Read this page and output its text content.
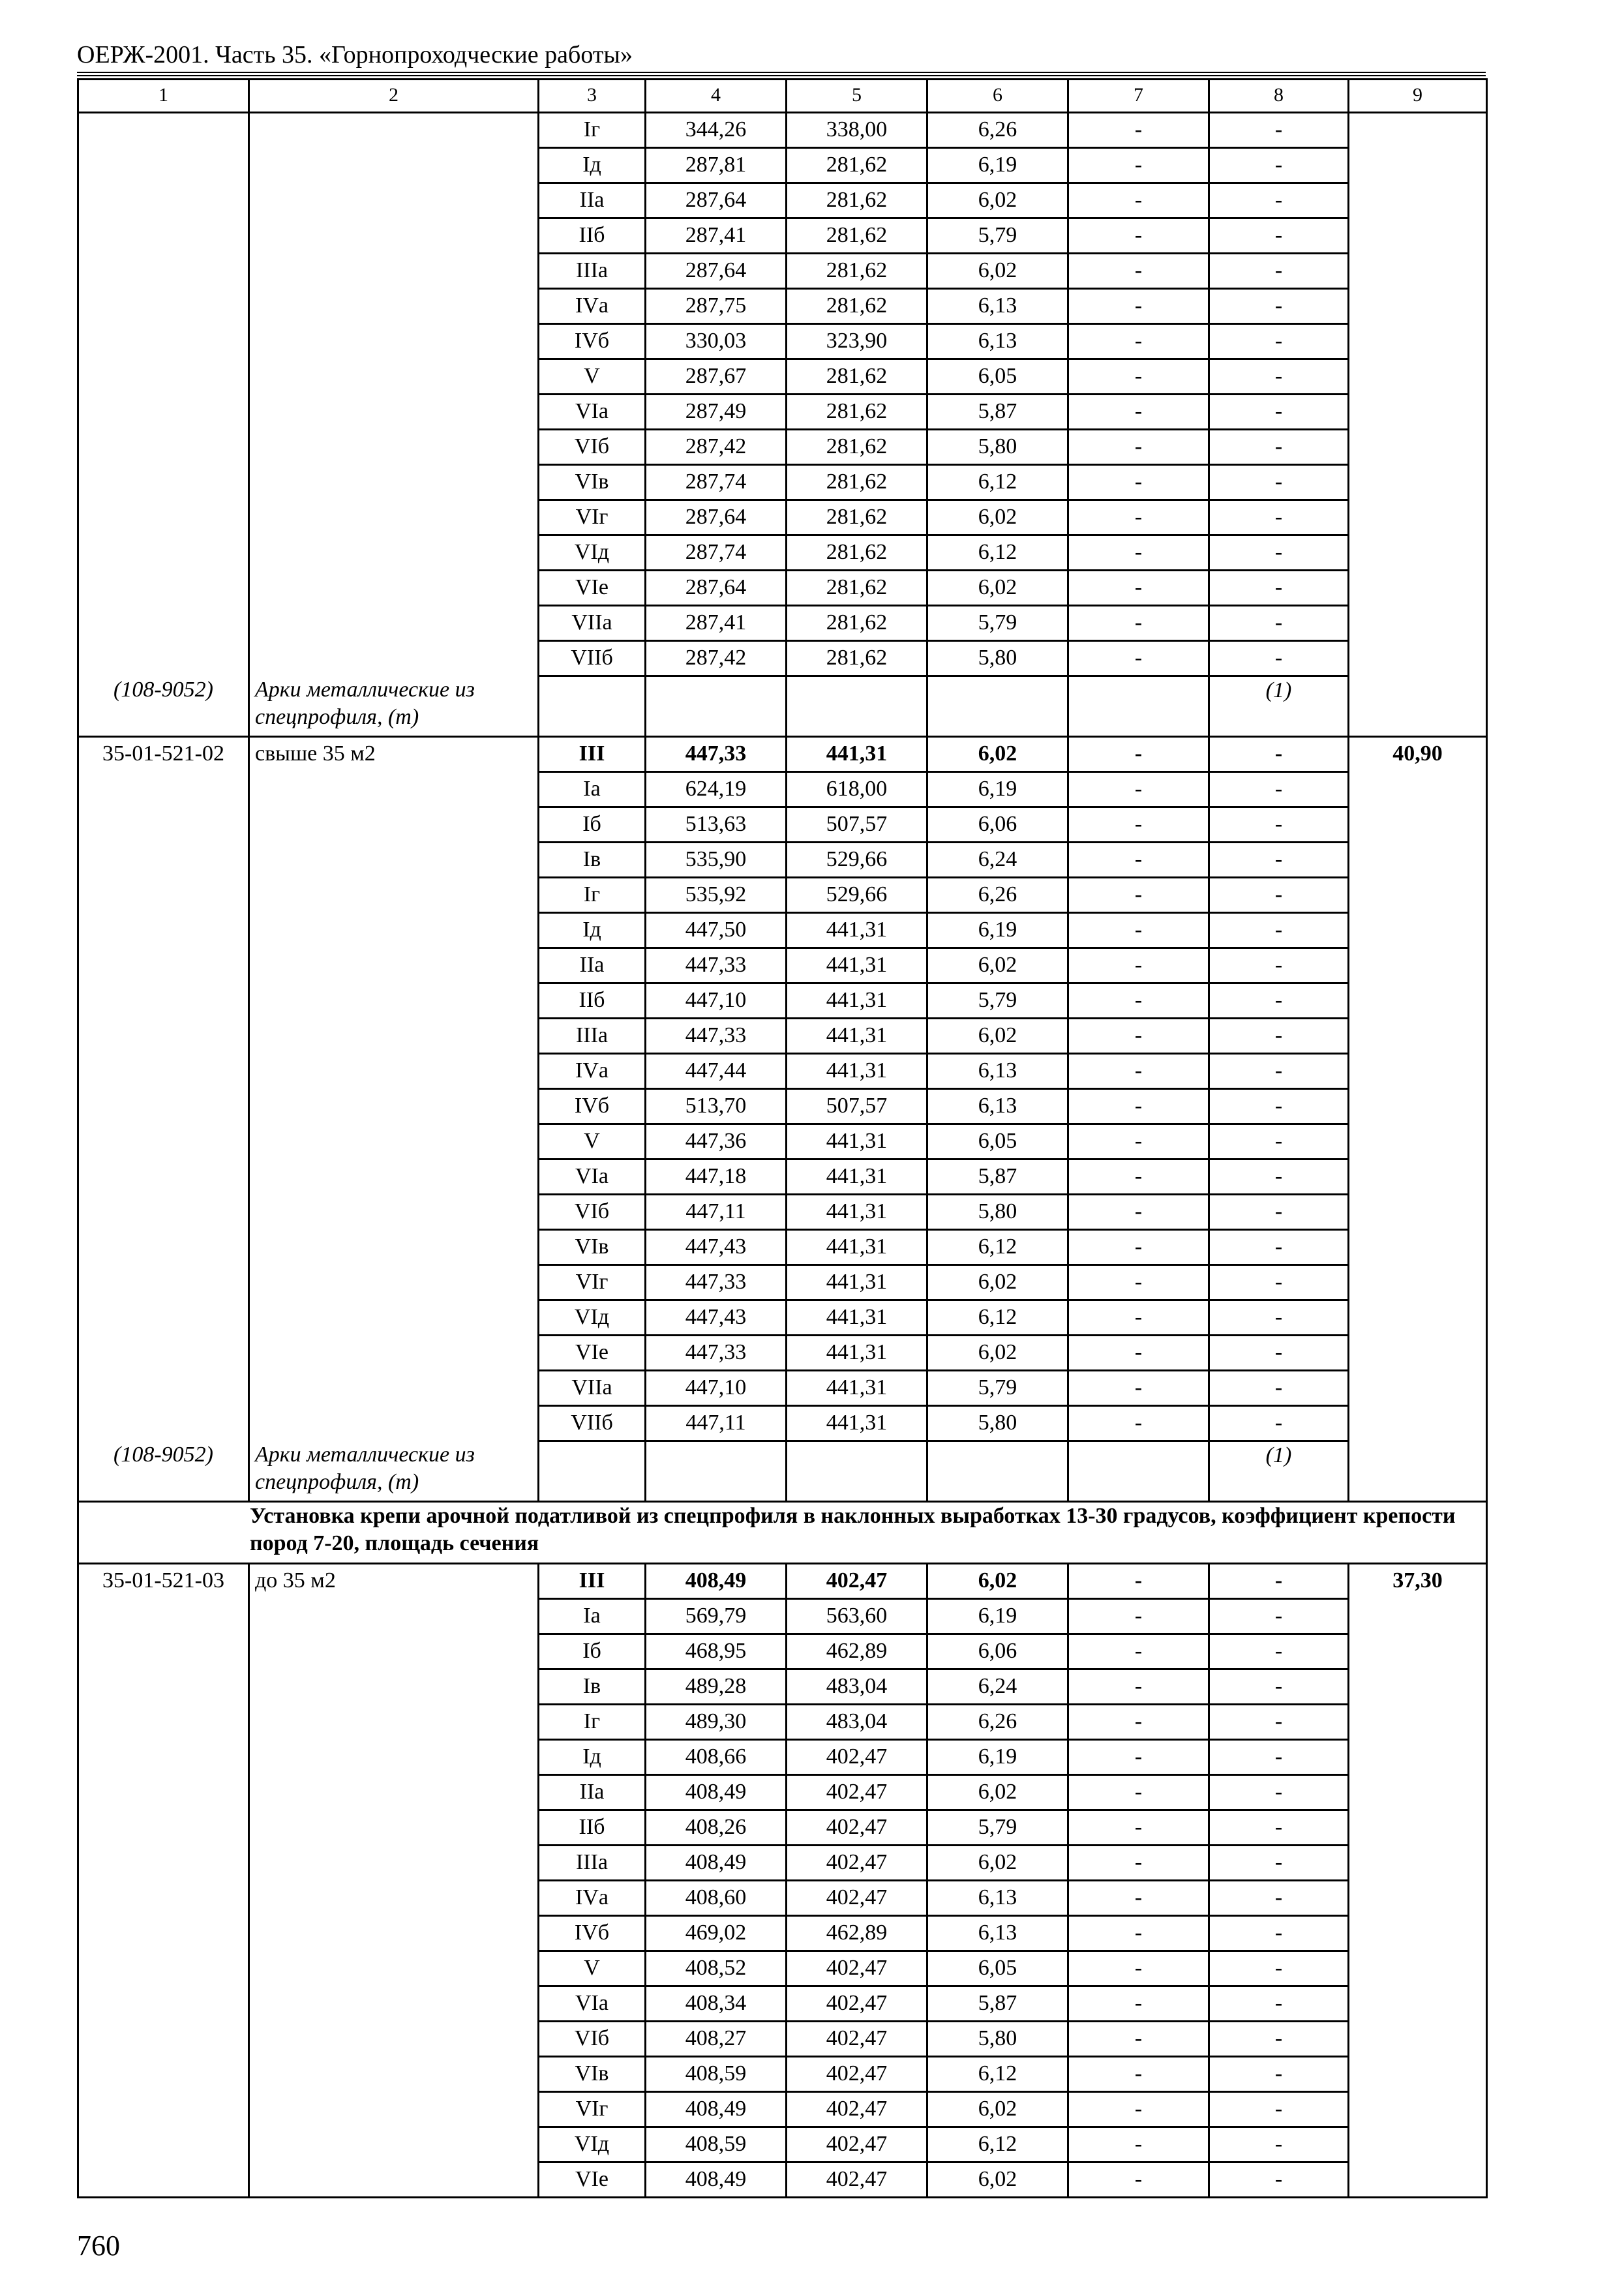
ОЕРЖ-2001. Часть 35. «Горнопроходческие работы»
1	2	3	4	5	6	7	8	9
		Iг	344,26	338,00	6,26	-	-	
		Iд	287,81	281,62	6,19	-	-	
		IIа	287,64	281,62	6,02	-	-	
		IIб	287,41	281,62	5,79	-	-	
		IIIа	287,64	281,62	6,02	-	-	
		IVа	287,75	281,62	6,13	-	-	
		IVб	330,03	323,90	6,13	-	-	
		V	287,67	281,62	6,05	-	-	
		VIа	287,49	281,62	5,87	-	-	
		VIб	287,42	281,62	5,80	-	-	
		VIв	287,74	281,62	6,12	-	-	
		VIг	287,64	281,62	6,02	-	-	
		VIд	287,74	281,62	6,12	-	-	
		VIе	287,64	281,62	6,02	-	-	
		VIIа	287,41	281,62	5,79	-	-	
		VIIб	287,42	281,62	5,80	-	-	
(108-9052)	Арки металлические из спецпрофиля, (т)						(1)	
35-01-521-02	свыше 35 м2	III	447,33	441,31	6,02	-	-	40,90
		Iа	624,19	618,00	6,19	-	-	
		Iб	513,63	507,57	6,06	-	-	
		Iв	535,90	529,66	6,24	-	-	
		Iг	535,92	529,66	6,26	-	-	
		Iд	447,50	441,31	6,19	-	-	
		IIа	447,33	441,31	6,02	-	-	
		IIб	447,10	441,31	5,79	-	-	
		IIIа	447,33	441,31	6,02	-	-	
		IVа	447,44	441,31	6,13	-	-	
		IVб	513,70	507,57	6,13	-	-	
		V	447,36	441,31	6,05	-	-	
		VIа	447,18	441,31	5,87	-	-	
		VIб	447,11	441,31	5,80	-	-	
		VIв	447,43	441,31	6,12	-	-	
		VIг	447,33	441,31	6,02	-	-	
		VIд	447,43	441,31	6,12	-	-	
		VIе	447,33	441,31	6,02	-	-	
		VIIа	447,10	441,31	5,79	-	-	
		VIIб	447,11	441,31	5,80	-	-	
(108-9052)	Арки металлические из спецпрофиля, (т)						(1)	
Установка крепи арочной податливой из спецпрофиля в наклонных выработках 13-30 градусов, коэффициент крепости пород 7-20, площадь сечения								
35-01-521-03	до 35 м2	III	408,49	402,47	6,02	-	-	37,30
		Iа	569,79	563,60	6,19	-	-	
		Iб	468,95	462,89	6,06	-	-	
		Iв	489,28	483,04	6,24	-	-	
		Iг	489,30	483,04	6,26	-	-	
		Iд	408,66	402,47	6,19	-	-	
		IIа	408,49	402,47	6,02	-	-	
		IIб	408,26	402,47	5,79	-	-	
		IIIа	408,49	402,47	6,02	-	-	
		IVа	408,60	402,47	6,13	-	-	
		IVб	469,02	462,89	6,13	-	-	
		V	408,52	402,47	6,05	-	-	
		VIа	408,34	402,47	5,87	-	-	
		VIб	408,27	402,47	5,80	-	-	
		VIв	408,59	402,47	6,12	-	-	
		VIг	408,49	402,47	6,02	-	-	
		VIд	408,59	402,47	6,12	-	-	
		VIе	408,49	402,47	6,02	-	-	
760
